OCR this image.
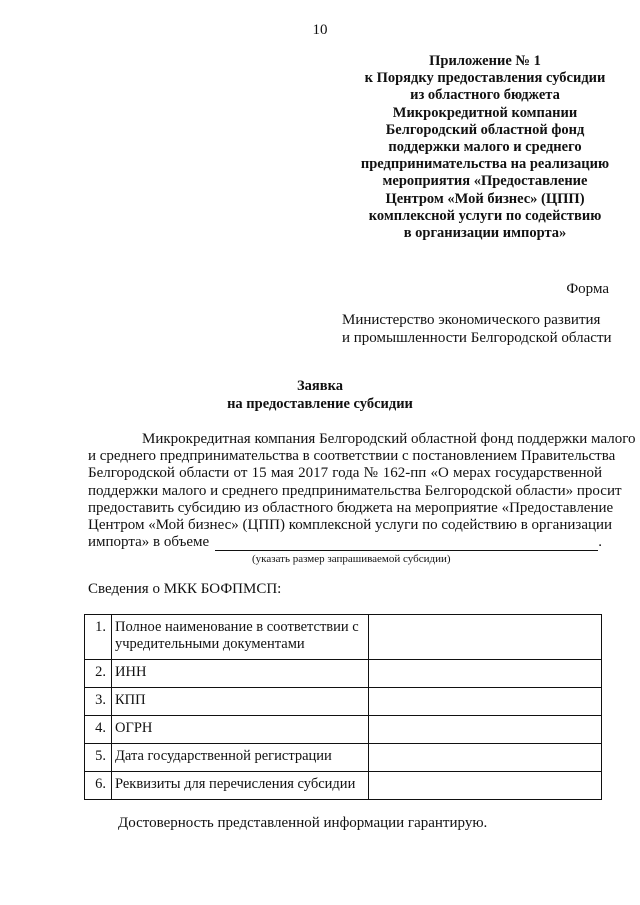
10
Приложение № 1
к Порядку предоставления субсидии
из областного бюджета
Микрокредитной компании
Белгородский областной фонд
поддержки малого и среднего
предпринимательства на реализацию
мероприятия «Предоставление
Центром «Мой бизнес» (ЦПП)
комплексной услуги по содействию
в организации импорта»
Форма
Министерство экономического развития
и промышленности Белгородской области
Заявка
на предоставление субсидии
Микрокредитная компания Белгородский областной фонд поддержки малого
и среднего предпринимательства в соответствии с постановлением Правительства
Белгородской области от 15 мая 2017 года № 162-пп «О мерах государственной
поддержки малого и среднего предпринимательства Белгородской области» просит
предоставить субсидию из областного бюджета на мероприятие «Предоставление
Центром «Мой бизнес» (ЦПП) комплексной услуги по содействию в организации
импорта» в объеме	.
(указать размер запрашиваемой субсидии)
Сведения о МКК БОФПМСП:
1.	Полное наименование в соответствии с учредительными документами	
2.	ИНН	
3.	КПП	
4.	ОГРН	
5.	Дата государственной регистрации	
6.	Реквизиты для перечисления субсидии	
Достоверность представленной информации гарантирую.
